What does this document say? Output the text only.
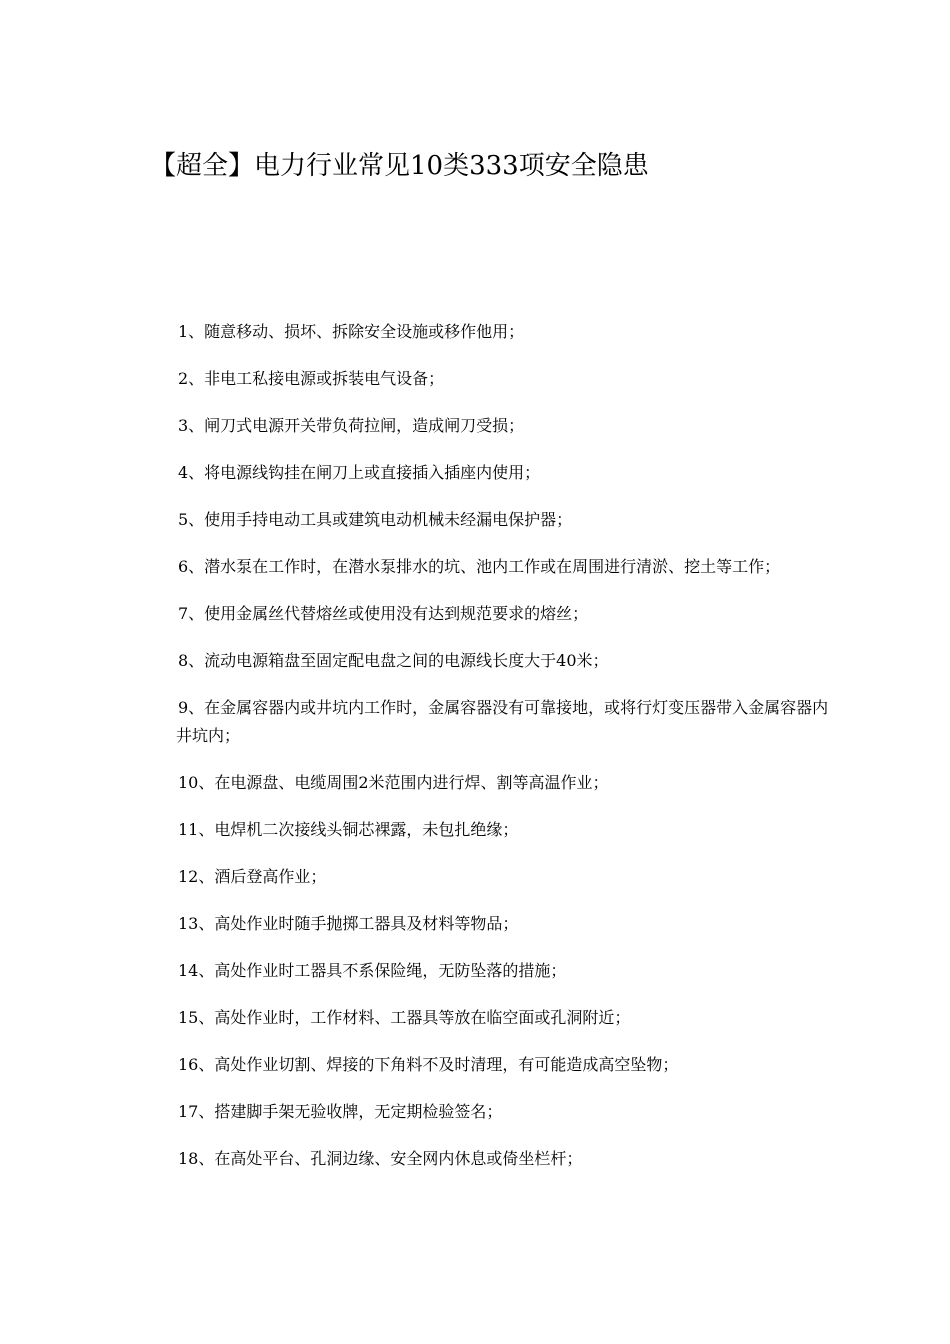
【超全】电力行业常见10类333项安全隐患
1、随意移动、损坏、拆除安全设施或移作他用；
2、非电工私接电源或拆装电气设备；
3、闸刀式电源开关带负荷拉闸，造成闸刀受损；
4、将电源线钩挂在闸刀上或直接插入插座内使用；
5、使用手持电动工具或建筑电动机械未经漏电保护器；
6、潜水泵在工作时，在潜水泵排水的坑、池内工作或在周围进行清淤、挖土等工作；
7、使用金属丝代替熔丝或使用没有达到规范要求的熔丝；
8、流动电源箱盘至固定配电盘之间的电源线长度大于40米；
9、在金属容器内或井坑内工作时，金属容器没有可靠接地，或将行灯变压器带入金属容器内
井坑内；
10、在电源盘、电缆周围2米范围内进行焊、割等高温作业；
11、电焊机二次接线头铜芯裸露，未包扎绝缘；
12、酒后登高作业；
13、高处作业时随手抛掷工器具及材料等物品；
14、高处作业时工器具不系保险绳，无防坠落的措施；
15、高处作业时，工作材料、工器具等放在临空面或孔洞附近；
16、高处作业切割、焊接的下角料不及时清理，有可能造成高空坠物；
17、搭建脚手架无验收牌，无定期检验签名；
18、在高处平台、孔洞边缘、安全网内休息或倚坐栏杆；
